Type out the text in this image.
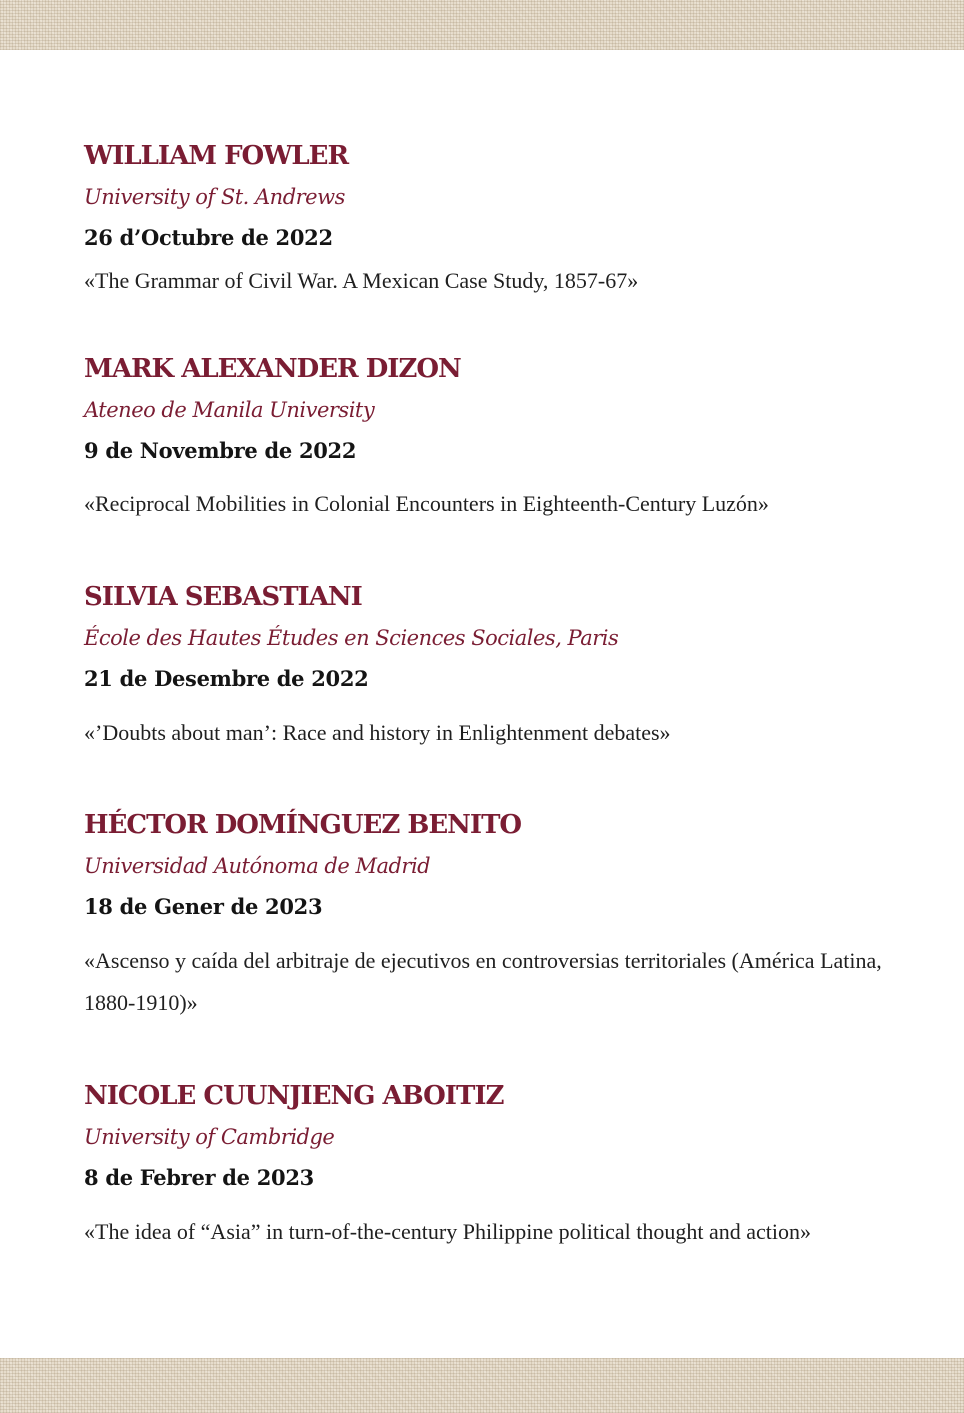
WILLIAM FOWLER
University of St. Andrews
26 d’Octubre de 2022
«The Grammar of Civil War. A Mexican Case Study, 1857-67»
MARK ALEXANDER DIZON
Ateneo de Manila University
9 de Novembre de 2022
«Reciprocal Mobilities in Colonial Encounters in Eighteenth-Century Luzón»
SILVIA SEBASTIANI
École des Hautes Études en Sciences Sociales, Paris
21 de Desembre de 2022
«’Doubts about man’: Race and history in Enlightenment debates»
HÉCTOR DOMÍNGUEZ BENITO
Universidad Autónoma de Madrid
18 de Gener de 2023
«Ascenso y caída del arbitraje de ejecutivos en controversias territoriales (América Latina, 1880-1910)»
NICOLE CUUNJIENG ABOITIZ
University of Cambridge
8 de Febrer de 2023
«The idea of “Asia” in turn-of-the-century Philippine political thought and action»
